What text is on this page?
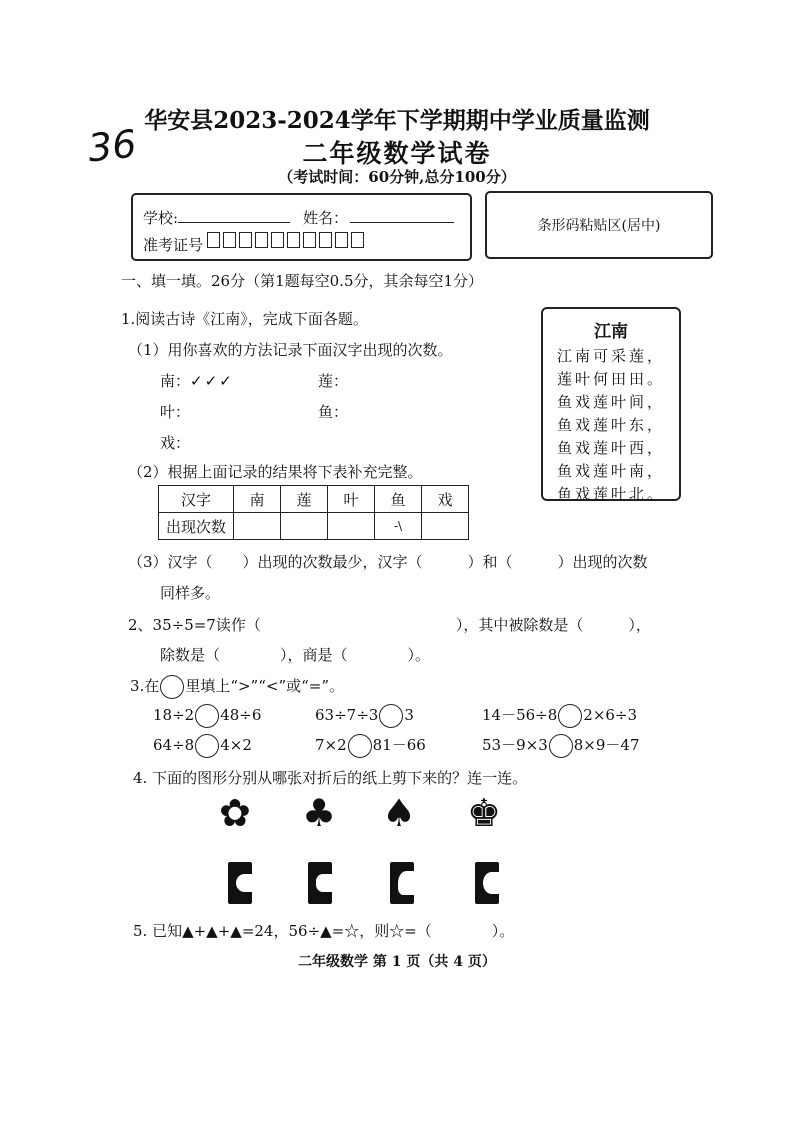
36
华安县2023-2024学年下学期期中学业质量监测
二年级数学试卷
（考试时间：60分钟,总分100分）
学校:	姓名：
准考证号
条形码粘贴区(居中)
一、填一填。26分（第1题每空0.5分，其余每空1分）
1.阅读古诗《江南》，完成下面各题。
（1）用你喜欢的方法记录下面汉字出现的次数。
南：✓✓✓	莲：
叶：	鱼：
戏：
江南
江南可采莲，
莲叶何田田。
鱼戏莲叶间，
鱼戏莲叶东，
鱼戏莲叶西，
鱼戏莲叶南，
鱼戏莲叶北。
（2）根据上面记录的结果将下表补充完整。
汉字	南	莲	叶	鱼	戏
出现次数				-\	
（3）汉字（　　）出现的次数最少，汉字（　　　）和（　　　）出现的次数
同样多。
2、35÷5=7读作（　　　　　　　　　　　　　），其中被除数是（　　　），
除数是（　　　　），商是（　　　　）。
3.在 里填上“>”“<”或“=”。
18÷2 48÷6	63÷7÷3 3	14－56÷8 2×6÷3
64÷8 4×2	7×2 81－66	53－9×3 8×9－47
4. 下面的图形分别从哪张对折后的纸上剪下来的？连一连。
✿ ♣ ♠ ♚
5. 已知▲+▲+▲=24，56÷▲=☆，则☆=（　　　　）。
二年级数学 第 1 页（共 4 页）
